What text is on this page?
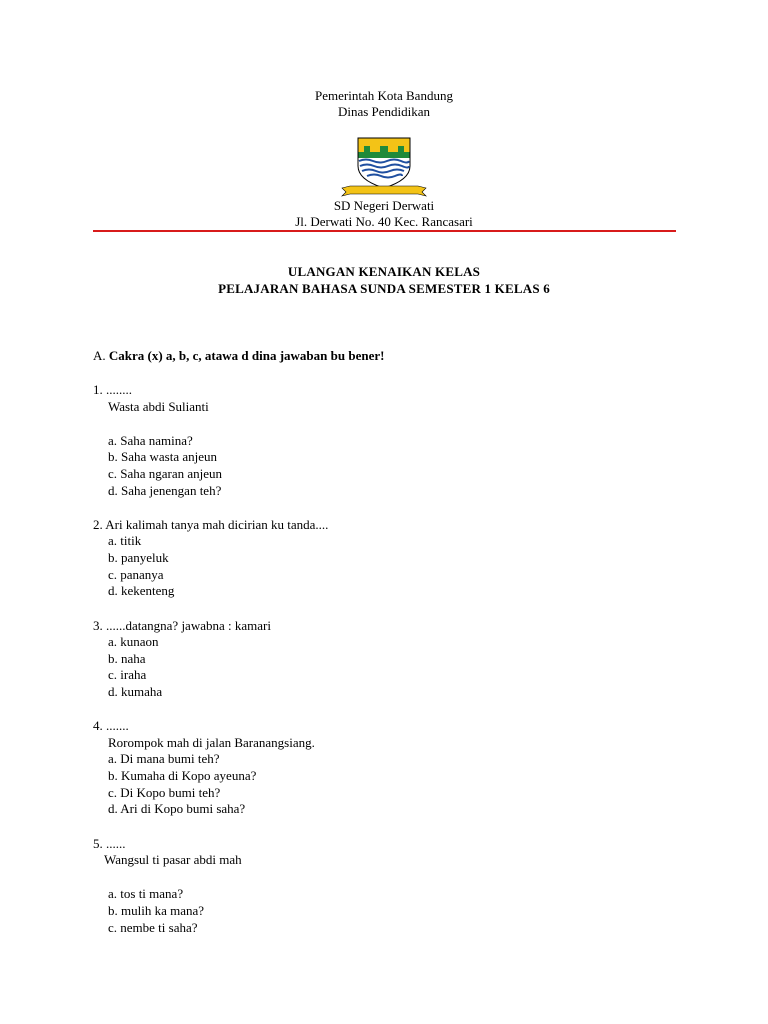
Pemerintah Kota Bandung
Dinas Pendidikan
SD Negeri Derwati
Jl. Derwati No. 40 Kec. Rancasari
ULANGAN KENAIKAN KELAS
PELAJARAN BAHASA SUNDA SEMESTER 1 KELAS 6
A. Cakra (x) a, b, c, atawa d dina jawaban bu bener!
1. ........
Wasta abdi Sulianti
a. Saha namina?
b. Saha wasta anjeun
c. Saha ngaran anjeun
d. Saha jenengan teh?
2. Ari kalimah tanya mah dicirian ku tanda....
a. titik
b. panyeluk
c. pananya
d. kekenteng
3. ......datangna? jawabna : kamari
a. kunaon
b. naha
c. iraha
d. kumaha
4. .......
Rorompok mah di jalan Baranangsiang.
a. Di mana bumi teh?
b. Kumaha di Kopo ayeuna?
c. Di Kopo bumi teh?
d. Ari di Kopo bumi saha?
5. ......
Wangsul ti pasar abdi mah
a. tos ti mana?
b. mulih ka mana?
c. nembe ti saha?
